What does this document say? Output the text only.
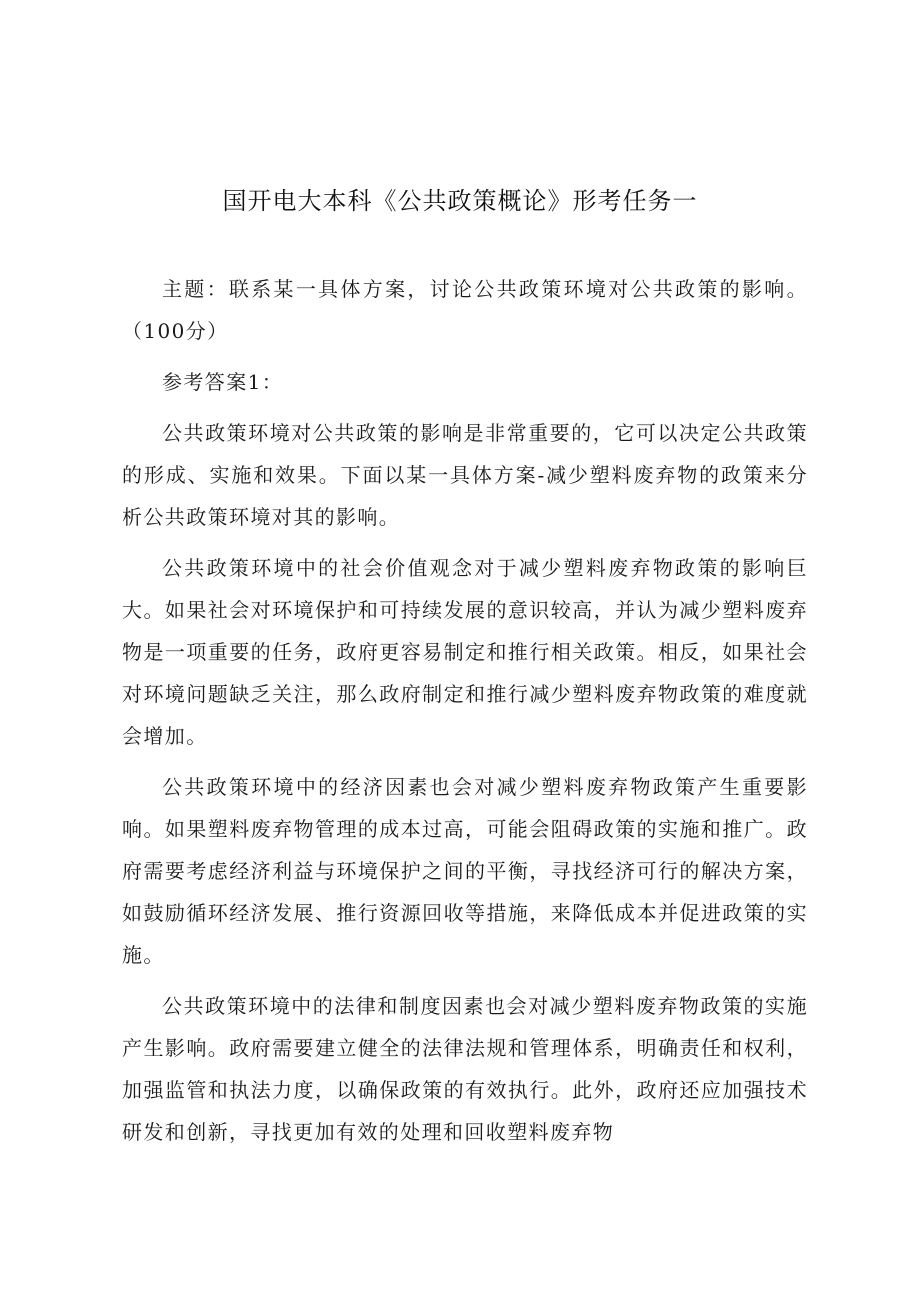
国开电大本科《公共政策概论》形考任务一

主题：联系某一具体方案，讨论公共政策环境对公共政策的影响。（100分）

参考答案1：

公共政策环境对公共政策的影响是非常重要的，它可以决定公共政策的形成、实施和效果。下面以某一具体方案-减少塑料废弃物的政策来分析公共政策环境对其的影响。

公共政策环境中的社会价值观念对于减少塑料废弃物政策的影响巨大。如果社会对环境保护和可持续发展的意识较高，并认为减少塑料废弃物是一项重要的任务，政府更容易制定和推行相关政策。相反，如果社会对环境问题缺乏关注，那么政府制定和推行减少塑料废弃物政策的难度就会增加。

公共政策环境中的经济因素也会对减少塑料废弃物政策产生重要影响。如果塑料废弃物管理的成本过高，可能会阻碍政策的实施和推广。政府需要考虑经济利益与环境保护之间的平衡，寻找经济可行的解决方案，如鼓励循环经济发展、推行资源回收等措施，来降低成本并促进政策的实施。

公共政策环境中的法律和制度因素也会对减少塑料废弃物政策的实施产生影响。政府需要建立健全的法律法规和管理体系，明确责任和权利，加强监管和执法力度，以确保政策的有效执行。此外，政府还应加强技术研发和创新，寻找更加有效的处理和回收塑料废弃物
